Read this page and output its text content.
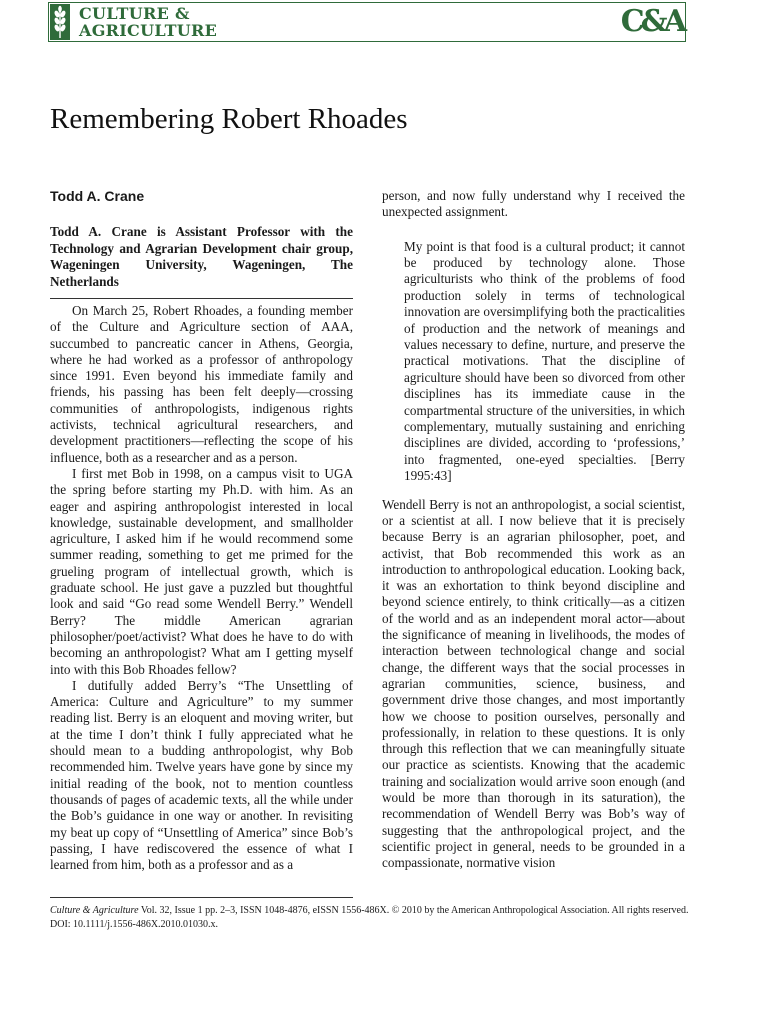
CULTURE &
AGRICULTURE	C&A
Remembering Robert Rhoades
Todd A. Crane

Todd A. Crane is Assistant Professor with the Technology and Agrarian Development chair group, Wageningen University, Wageningen, The Netherlands

On March 25, Robert Rhoades, a founding member of the Culture and Agriculture section of AAA, succumbed to pancreatic cancer in Athens, Georgia, where he had worked as a professor of anthropology since 1991. Even beyond his immediate family and friends, his passing has been felt deeply—crossing communities of anthropologists, indigenous rights activists, technical agricultural researchers, and development practitioners—reflecting the scope of his influence, both as a researcher and as a person.

I first met Bob in 1998, on a campus visit to UGA the spring before starting my Ph.D. with him. As an eager and aspiring anthropologist interested in local knowledge, sustainable development, and smallholder agriculture, I asked him if he would recommend some summer reading, something to get me primed for the grueling program of intellectual growth, which is graduate school. He just gave a puzzled but thoughtful look and said “Go read some Wendell Berry.” Wendell Berry? The middle American agrarian philosopher/poet/activist? What does he have to do with becoming an anthropologist? What am I getting myself into with this Bob Rhoades fellow?

I dutifully added Berry’s “The Unsettling of America: Culture and Agriculture” to my summer reading list. Berry is an eloquent and moving writer, but at the time I don’t think I fully appreciated what he should mean to a budding anthropologist, why Bob recommended him. Twelve years have gone by since my initial reading of the book, not to mention countless thousands of pages of academic texts, all the while under the Bob’s guidance in one way or another. In revisiting my beat up copy of “Unsettling of America” since Bob’s passing, I have rediscovered the essence of what I learned from him, both as a professor and as a

person, and now fully understand why I received the unexpected assignment.

My point is that food is a cultural product; it cannot be produced by technology alone. Those agriculturists who think of the problems of food production solely in terms of technological innovation are oversimplifying both the practicalities of production and the network of meanings and values necessary to define, nurture, and preserve the practical motivations. That the discipline of agriculture should have been so divorced from other disciplines has its immediate cause in the compartmental structure of the universities, in which complementary, mutually sustaining and enriching disciplines are divided, according to ‘professions,’ into fragmented, one-eyed specialties. [Berry 1995:43]

Wendell Berry is not an anthropologist, a social scientist, or a scientist at all. I now believe that it is precisely because Berry is an agrarian philosopher, poet, and activist, that Bob recommended this work as an introduction to anthropological education. Looking back, it was an exhortation to think beyond discipline and beyond science entirely, to think critically—as a citizen of the world and as an independent moral actor—about the significance of meaning in livelihoods, the modes of interaction between technological change and social change, the different ways that the social processes in agrarian communities, science, business, and government drive those changes, and most importantly how we choose to position ourselves, personally and professionally, in relation to these questions. It is only through this reflection that we can meaningfully situate our practice as scientists. Knowing that the academic training and socialization would arrive soon enough (and would be more than thorough in its saturation), the recommendation of Wendell Berry was Bob’s way of suggesting that the anthropological project, and the scientific project in general, needs to be grounded in a compassionate, normative vision

Culture & Agriculture Vol. 32, Issue 1 pp. 2–3, ISSN 1048-4876, eISSN 1556-486X. © 2010 by the American Anthropological Association. All rights reserved. DOI: 10.1111/j.1556-486X.2010.01030.x.
